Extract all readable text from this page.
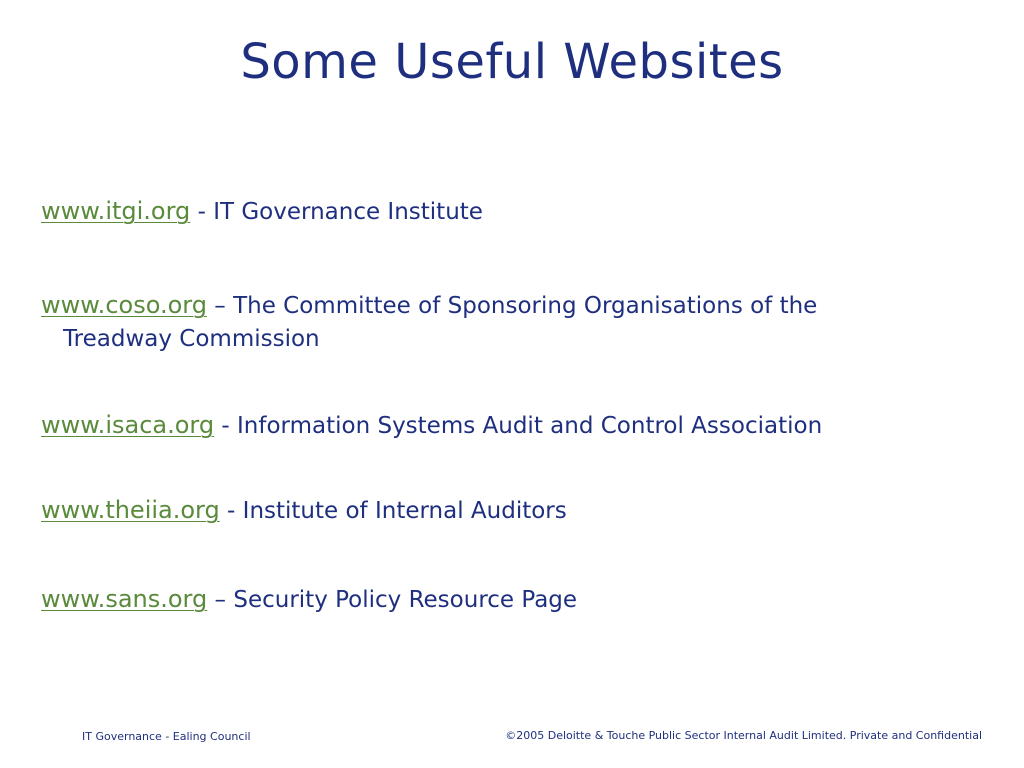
Some Useful Websites
www.itgi.org - IT Governance Institute
www.coso.org – The Committee of Sponsoring Organisations of the
Treadway Commission
www.isaca.org - Information Systems Audit and Control Association
www.theiia.org - Institute of Internal Auditors
www.sans.org – Security Policy Resource Page
IT Governance - Ealing Council	©2005 Deloitte & Touche Public Sector Internal Audit Limited. Private and Confidential
